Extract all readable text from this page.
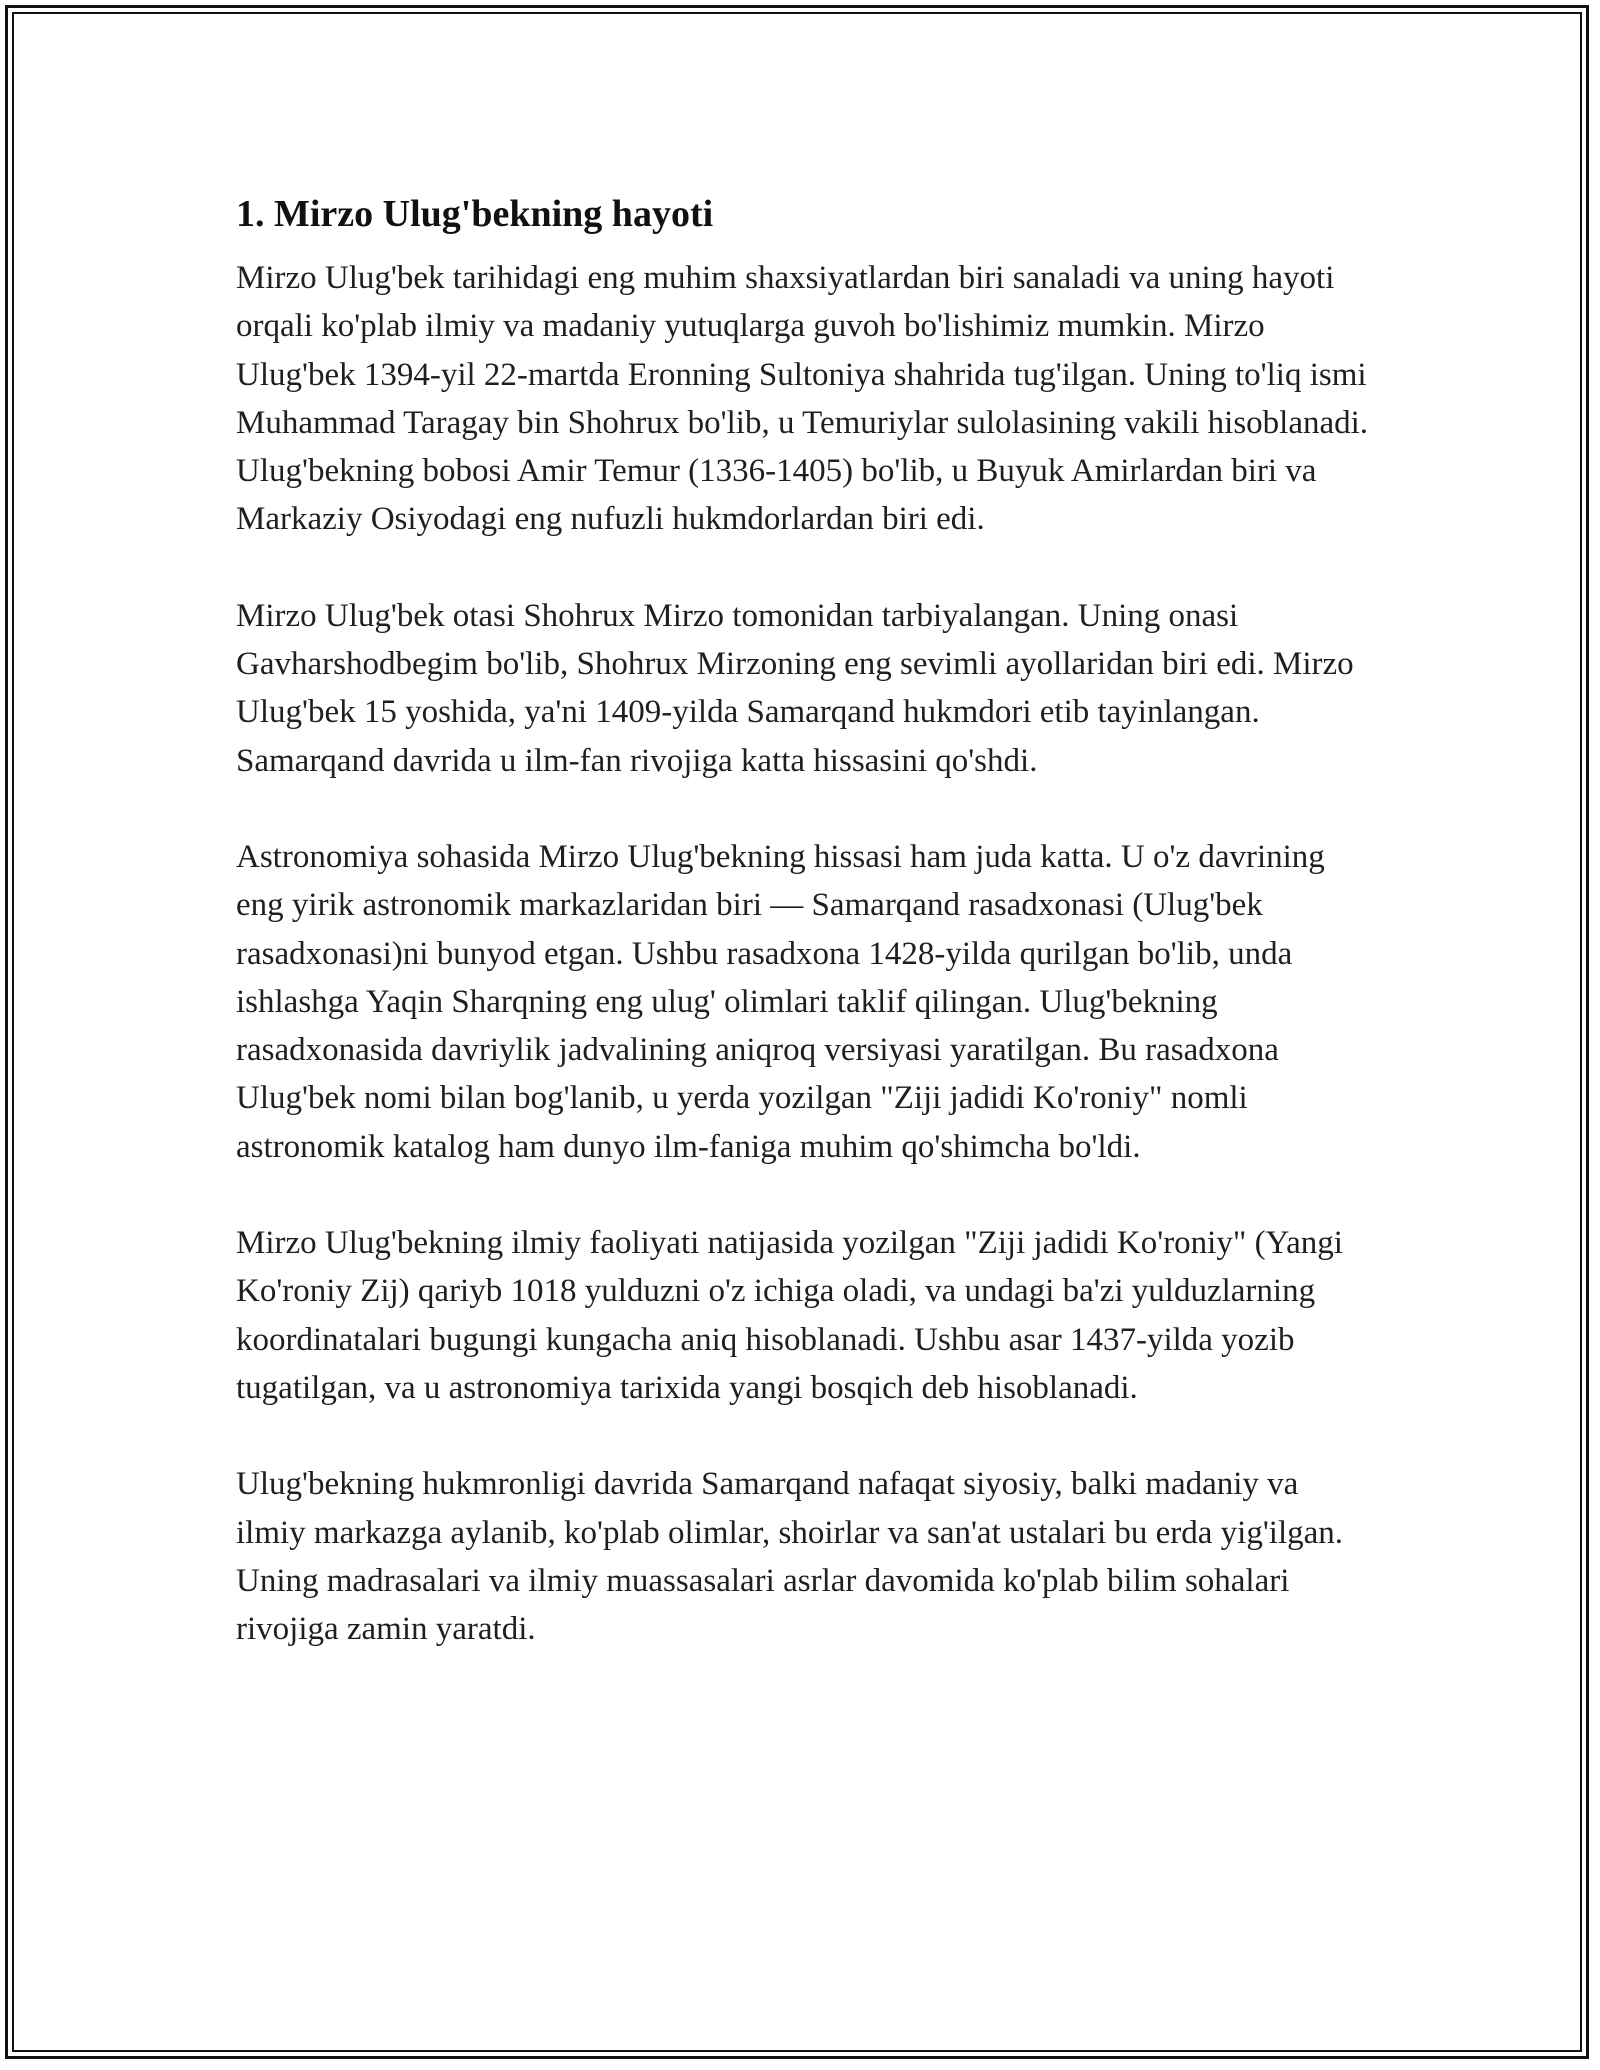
1. Mirzo Ulug'bekning hayoti

Mirzo Ulug'bek tarihidagi eng muhim shaxsiyatlardan biri sanaladi va uning hayoti orqali ko'plab ilmiy va madaniy yutuqlarga guvoh bo'lishimiz mumkin. Mirzo Ulug'bek 1394-yil 22-martda Eronning Sultoniya shahrida tug'ilgan. Uning to'liq ismi Muhammad Taragay bin Shohrux bo'lib, u Temuriylar sulolasining vakili hisoblanadi. Ulug'bekning bobosi Amir Temur (1336-1405) bo'lib, u Buyuk Amirlardan biri va Markaziy Osiyodagi eng nufuzli hukmdorlardan biri edi.

Mirzo Ulug'bek otasi Shohrux Mirzo tomonidan tarbiyalangan. Uning onasi Gavharshodbegim bo'lib, Shohrux Mirzoning eng sevimli ayollaridan biri edi. Mirzo Ulug'bek 15 yoshida, ya'ni 1409-yilda Samarqand hukmdori etib tayinlangan. Samarqand davrida u ilm-fan rivojiga katta hissasini qo'shdi.

Astronomiya sohasida Mirzo Ulug'bekning hissasi ham juda katta. U o'z davrining eng yirik astronomik markazlaridan biri — Samarqand rasadxonasi (Ulug'bek rasadxonasi)ni bunyod etgan. Ushbu rasadxona 1428-yilda qurilgan bo'lib, unda ishlashga Yaqin Sharqning eng ulug' olimlari taklif qilingan. Ulug'bekning rasadxonasida davriylik jadvalining aniqroq versiyasi yaratilgan. Bu rasadxona Ulug'bek nomi bilan bog'lanib, u yerda yozilgan "Ziji jadidi Ko'roniy" nomli astronomik katalog ham dunyo ilm-faniga muhim qo'shimcha bo'ldi.

Mirzo Ulug'bekning ilmiy faoliyati natijasida yozilgan "Ziji jadidi Ko'roniy" (Yangi Ko'roniy Zij) qariyb 1018 yulduzni o'z ichiga oladi, va undagi ba'zi yulduzlarning koordinatalari bugungi kungacha aniq hisoblanadi. Ushbu asar 1437-yilda yozib tugatilgan, va u astronomiya tarixida yangi bosqich deb hisoblanadi.

Ulug'bekning hukmronligi davrida Samarqand nafaqat siyosiy, balki madaniy va ilmiy markazga aylanib, ko'plab olimlar, shoirlar va san'at ustalari bu erda yig'ilgan. Uning madrasalari va ilmiy muassasalari asrlar davomida ko'plab bilim sohalari rivojiga zamin yaratdi.
